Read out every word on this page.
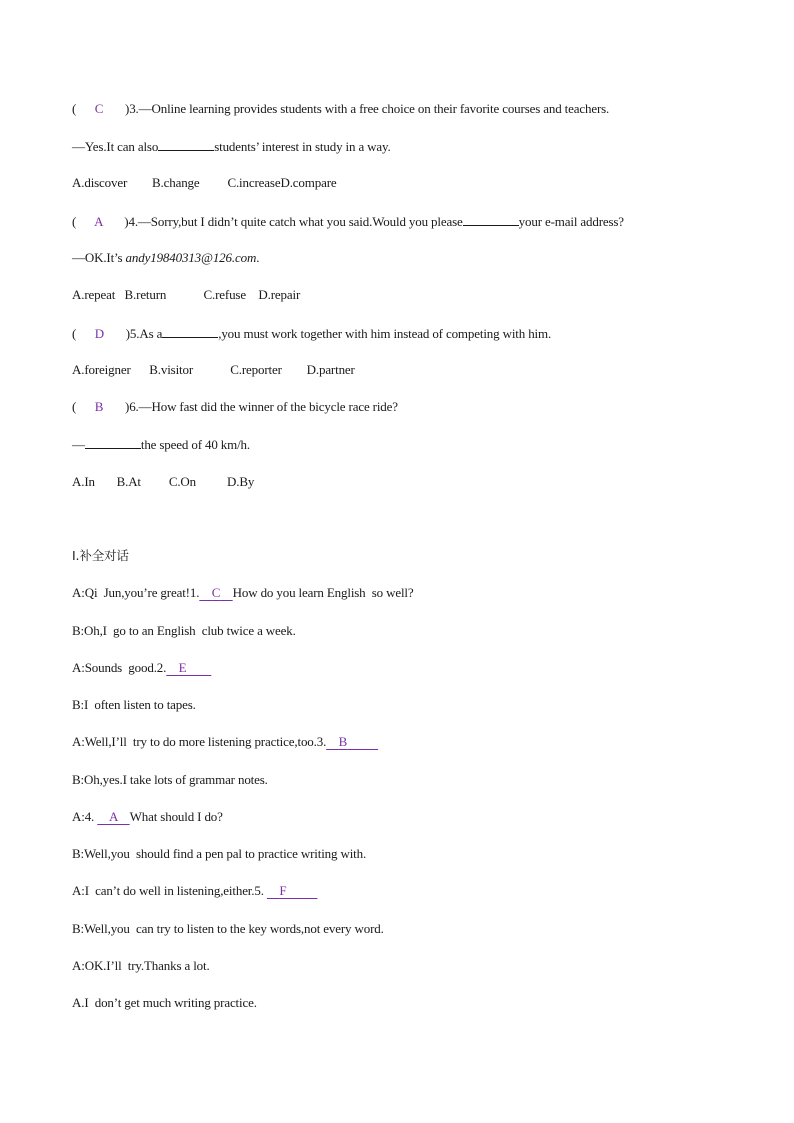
(      C )3.—Online learning provides students with a free choice on their favorite courses and teachers.
—Yes.It can also	students’ interest in study in a way.
A.discover B.change C.increaseD.compare
(      A )4.—Sorry,but I didn’t quite catch what you said.Would you please	your e-mail address?
—OK.It’s andy19840313@126.com.
A.repeat B.return	C.refuse D.repair
(      D )5.As a	,you must work together with him instead of competing with him.
A.foreigner B.visitor	C.reporter D.partner
(      B )6.—How fast did the winner of the bicycle race ride?
—	the speed of 40 km/h.
A.In B.At C.On D.By
Ⅰ.补全对话
A:Qi  Jun,you’re great!1. C How do you learn English  so well?
B:Oh,I  go to an English  club twice a week.
A:Sounds  good.2. E
B:I  often listen to tapes.
A:Well,I’ll  try to do more listening practice,too.3. B
B:Oh,yes.I take lots of grammar notes.
A:4.     A What should I do?
B:Well,you  should find a pen pal to practice writing with.
A:I  can’t do well in listening,either.5.     F
B:Well,you  can try to listen to the key words,not every word.
A:OK.I’ll  try.Thanks a lot.
A.I  don’t get much writing practice.
